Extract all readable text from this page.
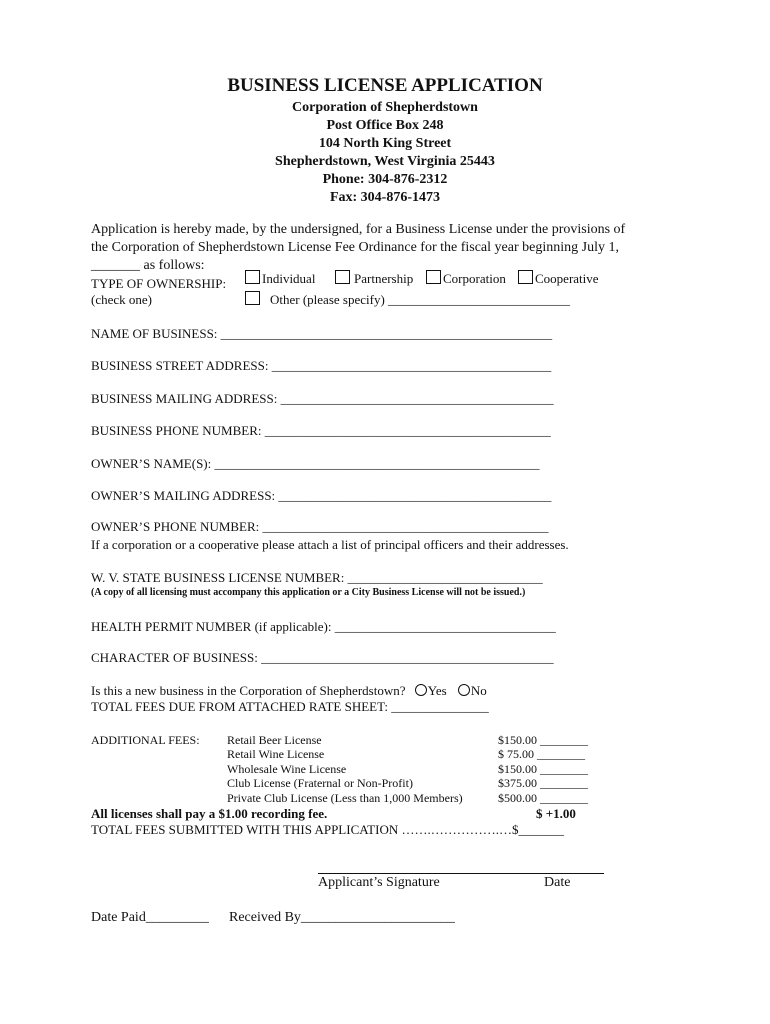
BUSINESS LICENSE APPLICATION
Corporation of Shepherdstown
Post Office Box 248
104 North King Street
Shepherdstown, West Virginia 25443
Phone: 304-876-2312
Fax: 304-876-1473
Application is hereby made, by the undersigned, for a Business License under the provisions of
the Corporation of Shepherdstown License Fee Ordinance for the fiscal year beginning July 1,
_______ as follows:
TYPE OF OWNERSHIP:
(check one)
Individual	Partnership	Corporation	Cooperative
Other (please specify) ____________________________
NAME OF BUSINESS: ___________________________________________________
BUSINESS STREET ADDRESS: ___________________________________________
BUSINESS MAILING ADDRESS: __________________________________________
BUSINESS PHONE NUMBER: ____________________________________________
OWNER’S NAME(S): __________________________________________________
OWNER’S MAILING ADDRESS: __________________________________________
OWNER’S PHONE NUMBER: ____________________________________________
If a corporation or a cooperative please attach a list of principal officers and their addresses.
W. V. STATE BUSINESS LICENSE NUMBER: ______________________________
(A copy of all licensing must accompany this application or a City Business License will not be issued.)
HEALTH PERMIT NUMBER (if applicable): __________________________________
CHARACTER OF BUSINESS: _____________________________________________
Is this a new business in the Corporation of Shepherdstown? Yes No
TOTAL FEES DUE FROM ATTACHED RATE SHEET: _______________
ADDITIONAL FEES: Retail Beer License	$150.00 ________
Retail Wine License	$ 75.00 ________
Wholesale Wine License	$150.00 ________
Club License (Fraternal or Non-Profit)	$375.00 ________
Private Club License (Less than 1,000 Members)	$500.00 ________
All licenses shall pay a $1.00 recording fee.	$ +1.00
TOTAL FEES SUBMITTED WITH THIS APPLICATION …….…………….…$_______
Applicant’s Signature	Date
Date Paid_________ Received By______________________
